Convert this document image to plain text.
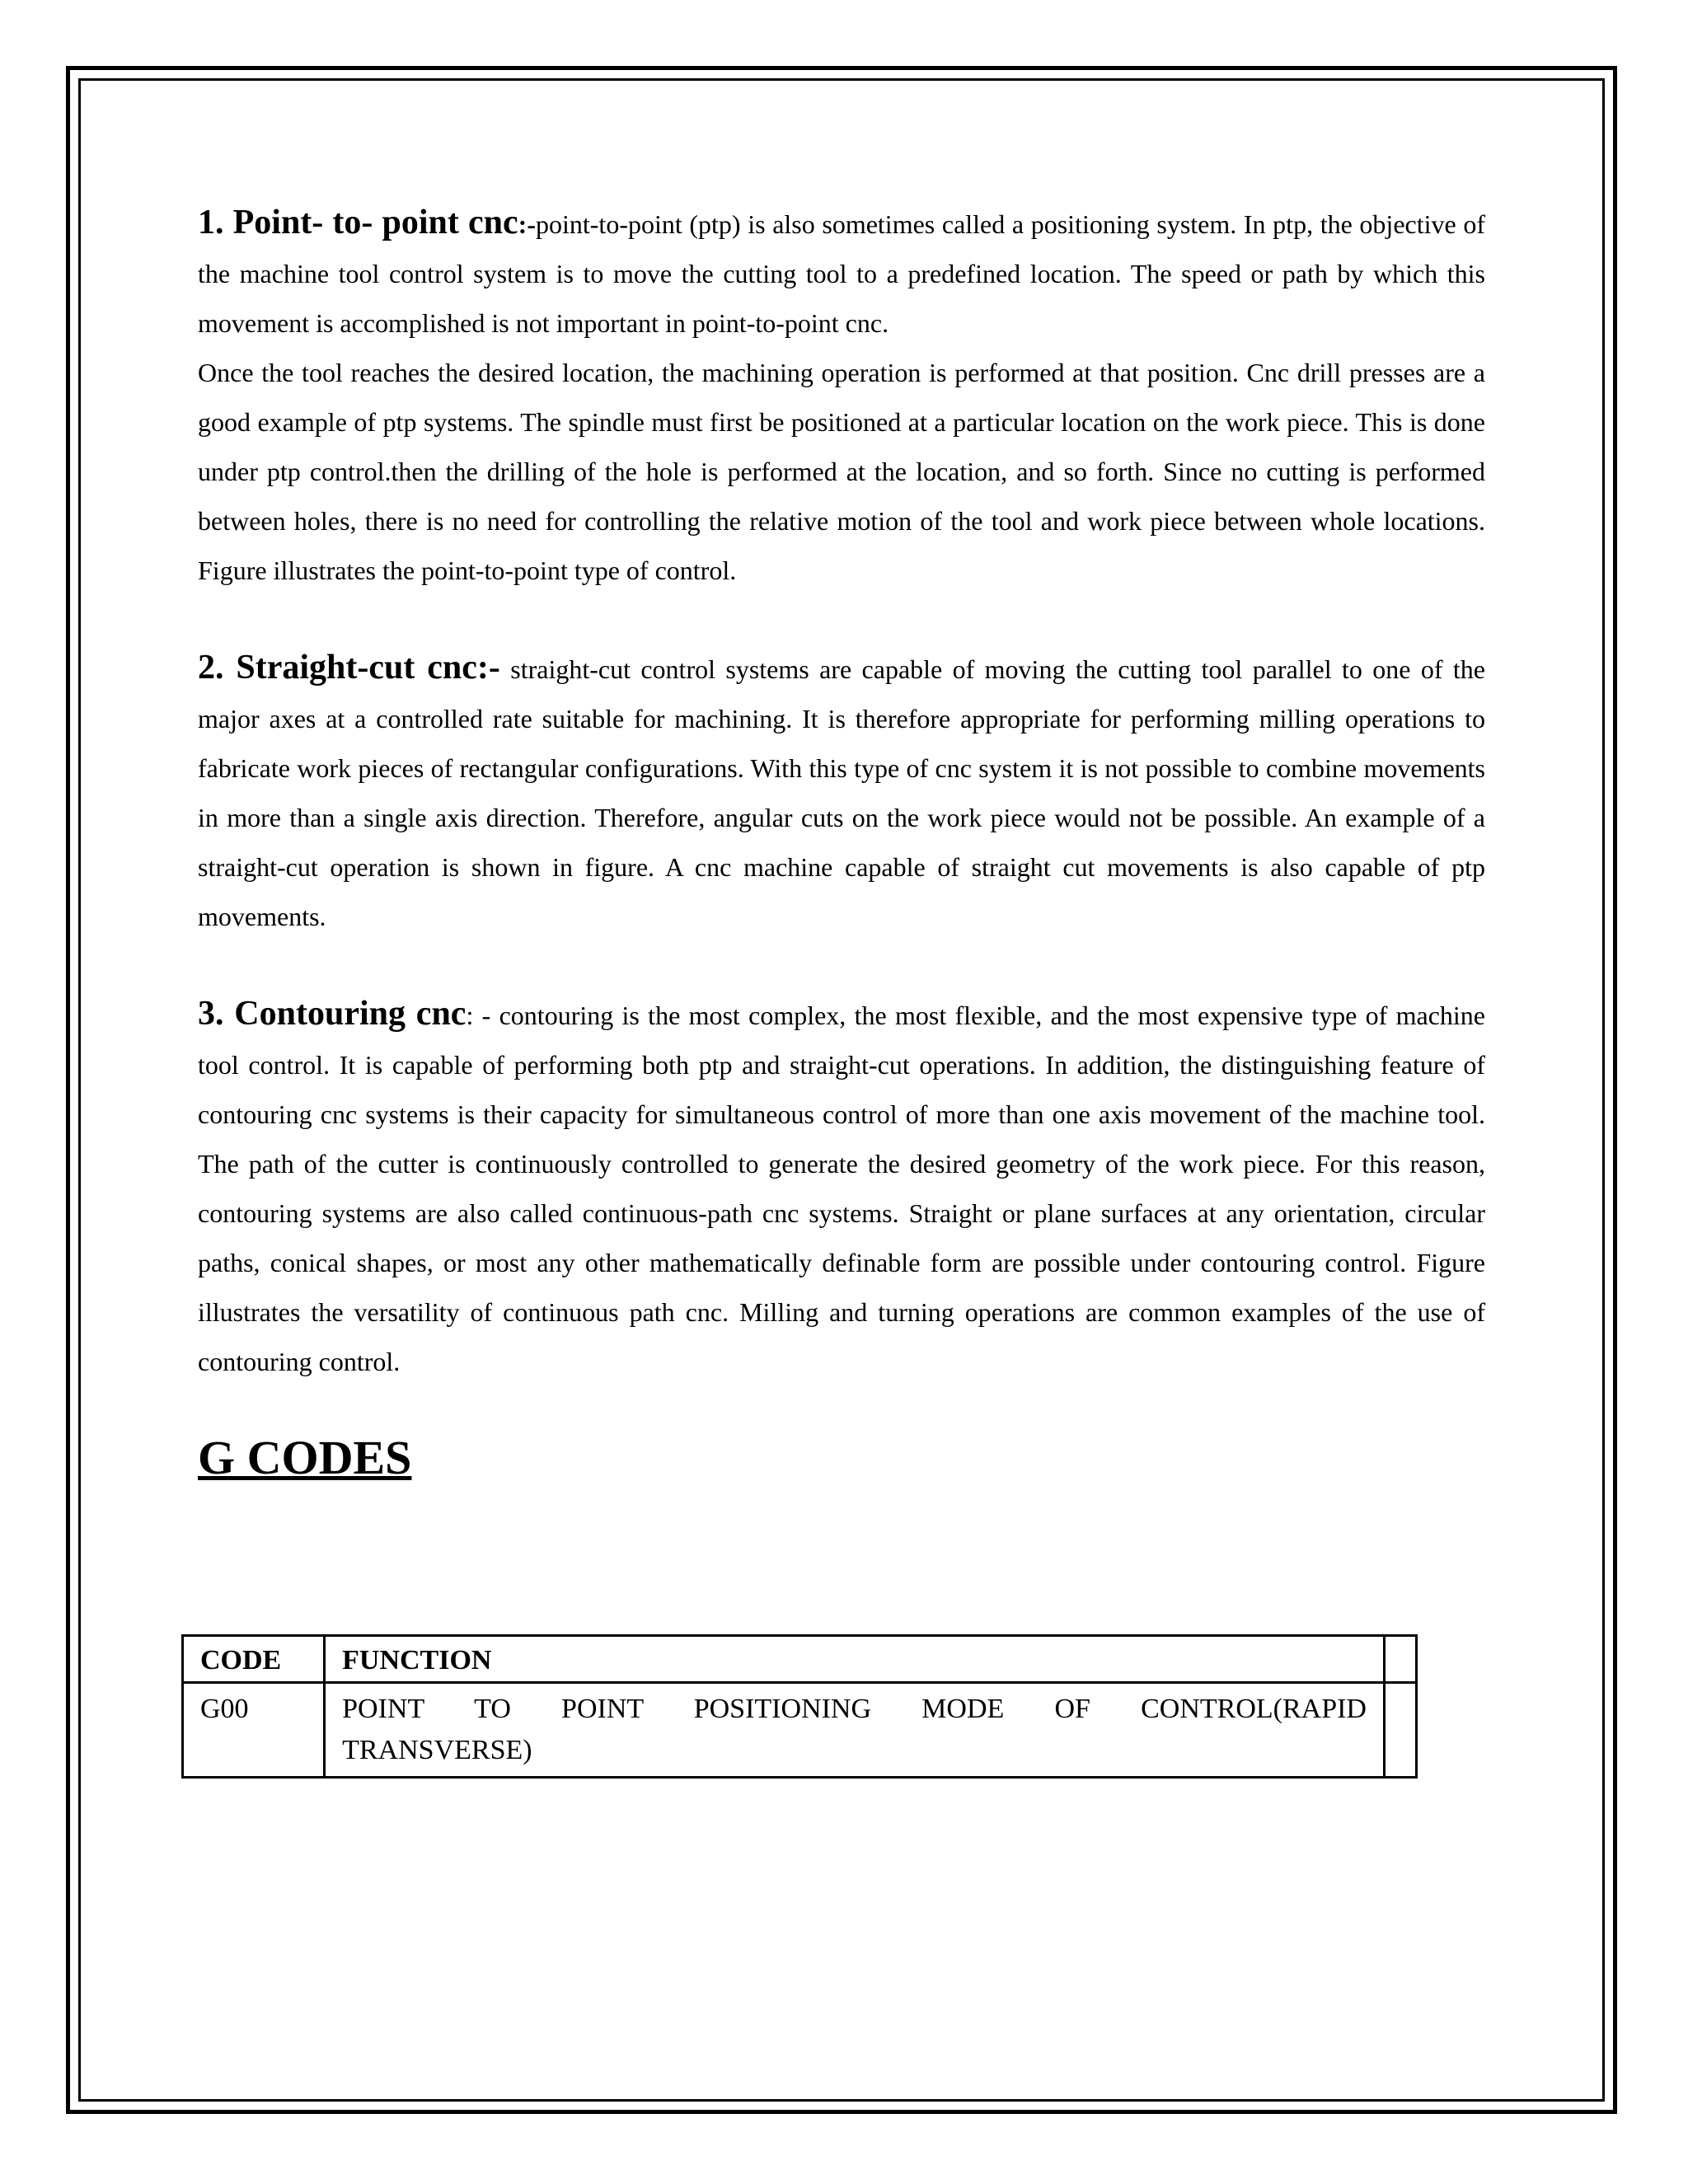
1. Point- to- point cnc:-point-to-point (ptp) is also sometimes called a positioning system. In ptp, the objective of the machine tool control system is to move the cutting tool to a predefined location. The speed or path by which this movement is accomplished is not important in point-to-point cnc.
Once the tool reaches the desired location, the machining operation is performed at that position. Cnc drill presses are a good example of ptp systems. The spindle must first be positioned at a particular location on the work piece. This is done under ptp control.then the drilling of the hole is performed at the location, and so forth. Since no cutting is performed between holes, there is no need for controlling the relative motion of the tool and work piece between whole locations. Figure illustrates the point-to-point type of control.

2. Straight-cut cnc:- straight-cut control systems are capable of moving the cutting tool parallel to one of the major axes at a controlled rate suitable for machining. It is therefore appropriate for performing milling operations to fabricate work pieces of rectangular configurations. With this type of cnc system it is not possible to combine movements in more than a single axis direction. Therefore, angular cuts on the work piece would not be possible. An example of a straight-cut operation is shown in figure. A cnc machine capable of straight cut movements is also capable of ptp movements.

3. Contouring cnc: - contouring is the most complex, the most flexible, and the most expensive type of machine tool control. It is capable of performing both ptp and straight-cut operations. In addition, the distinguishing feature of contouring cnc systems is their capacity for simultaneous control of more than one axis movement of the machine tool. The path of the cutter is continuously controlled to generate the desired geometry of the work piece. For this reason, contouring systems are also called continuous-path cnc systems. Straight or plane surfaces at any orientation, circular paths, conical shapes, or most any other mathematically definable form are possible under contouring control. Figure illustrates the versatility of continuous path cnc. Milling and turning operations are common examples of the use of contouring control.

G CODES
CODE	FUNCTION	
G00	POINT TO POINT POSITIONING MODE OF CONTROL(RAPID
TRANSVERSE)	
